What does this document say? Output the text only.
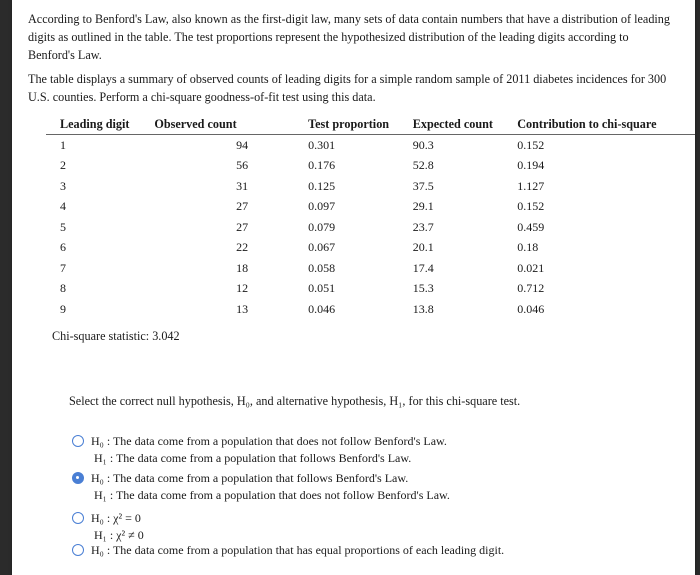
According to Benford's Law, also known as the first-digit law, many sets of data contain numbers that have a distribution of leading digits as outlined in the table. The test proportions represent the hypothesized distribution of the leading digits according to Benford's Law.
The table displays a summary of observed counts of leading digits for a simple random sample of 2011 diabetes incidences for 300 U.S. counties. Perform a chi-square goodness-of-fit test using this data.
Leading digit	Observed count	Test proportion	Expected count	Contribution to chi-square
1	94	0.301	90.3	0.152
2	56	0.176	52.8	0.194
3	31	0.125	37.5	1.127
4	27	0.097	29.1	0.152
5	27	0.079	23.7	0.459
6	22	0.067	20.1	0.18
7	18	0.058	17.4	0.021
8	12	0.051	15.3	0.712
9	13	0.046	13.8	0.046
Chi-square statistic: 3.042
Select the correct null hypothesis, H₀, and alternative hypothesis, H₁, for this chi-square test.
H₀ : The data come from a population that does not follow Benford's Law.
H₁ : The data come from a population that follows Benford's Law.
H₀ : The data come from a population that follows Benford's Law.
H₁ : The data come from a population that does not follow Benford's Law.
H₀ : χ² = 0
H₁ : χ² ≠ 0
H₀ : The data come from a population that has equal proportions of each leading digit.
